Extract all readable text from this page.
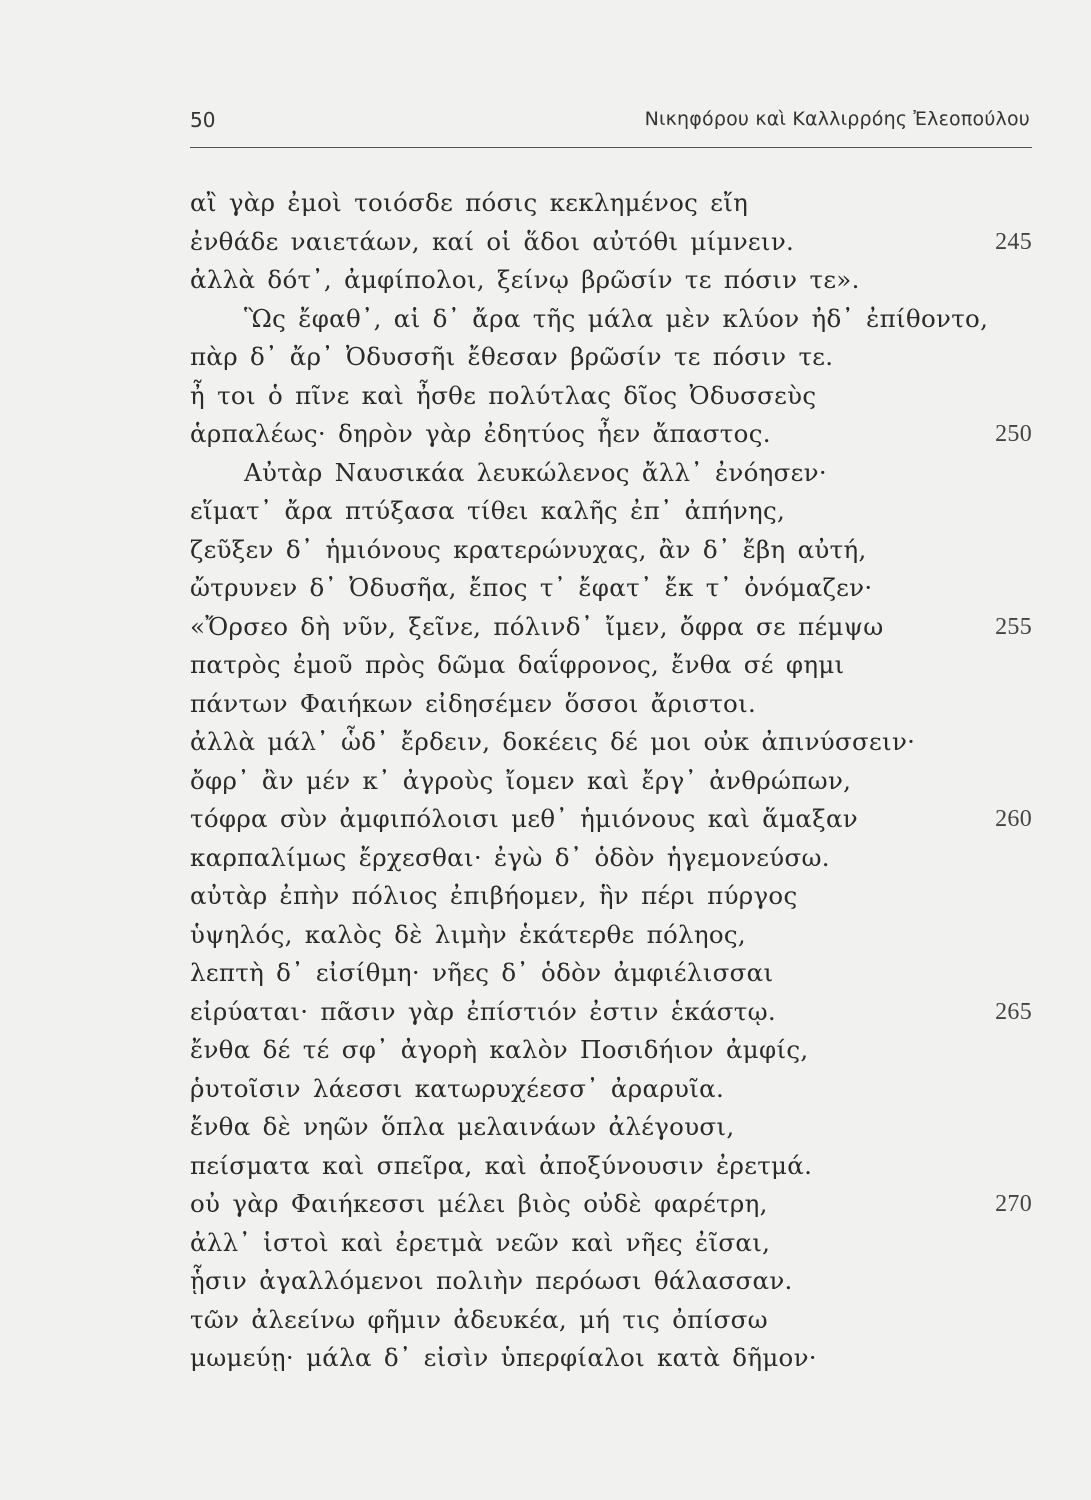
50	Νικηφόρου καὶ Καλλιρρόης Ἐλεοπούλου
αἲ γὰρ ἐμοὶ τοιόσδε πόσις κεκλημένος εἴη
ἐνθάδε ναιετάων, καί οἱ ἅδοι αὐτόθι μίμνειν.	245
ἀλλὰ δότ᾽, ἀμφίπολοι, ξείνῳ βρῶσίν τε πόσιν τε».
Ὣς ἔφαθ᾽, αἱ δ᾽ ἄρα τῆς μάλα μὲν κλύον ἠδ᾽ ἐπίθοντο,
πὰρ δ᾽ ἄρ᾽ Ὀδυσσῆι ἔθεσαν βρῶσίν τε πόσιν τε.
ἦ τοι ὁ πῖνε καὶ ἦσθε πολύτλας δῖος Ὀδυσσεὺς
ἁρπαλέως· δηρὸν γὰρ ἐδητύος ἦεν ἄπαστος.	250
Αὐτὰρ Ναυσικάα λευκώλενος ἄλλ᾽ ἐνόησεν·
εἵματ᾽ ἄρα πτύξασα τίθει καλῆς ἐπ᾽ ἀπήνης,
ζεῦξεν δ᾽ ἡμιόνους κρατερώνυχας, ἂν δ᾽ ἔβη αὐτή,
ὤτρυνεν δ᾽ Ὀδυσῆα, ἔπος τ᾽ ἔφατ᾽ ἔκ τ᾽ ὀνόμαζεν·
«Ὄρσεο δὴ νῦν, ξεῖνε, πόλινδ᾽ ἴμεν, ὄφρα σε πέμψω	255
πατρὸς ἐμοῦ πρὸς δῶμα δαΐφρονος, ἔνθα σέ φημι
πάντων Φαιήκων εἰδησέμεν ὅσσοι ἄριστοι.
ἀλλὰ μάλ᾽ ὧδ᾽ ἔρδειν, δοκέεις δέ μοι οὐκ ἀπινύσσειν·
ὄφρ᾽ ἂν μέν κ᾽ ἀγροὺς ἴομεν καὶ ἔργ᾽ ἀνθρώπων,
τόφρα σὺν ἀμφιπόλοισι μεθ᾽ ἡμιόνους καὶ ἅμαξαν	260
καρπαλίμως ἔρχεσθαι· ἐγὼ δ᾽ ὁδὸν ἡγεμονεύσω.
αὐτὰρ ἐπὴν πόλιος ἐπιβήομεν, ἣν πέρι πύργος
ὑψηλός, καλὸς δὲ λιμὴν ἑκάτερθε πόληος,
λεπτὴ δ᾽ εἰσίθμη· νῆες δ᾽ ὁδὸν ἀμφιέλισσαι
εἰρύαται· πᾶσιν γὰρ ἐπίστιόν ἐστιν ἑκάστῳ.	265
ἔνθα δέ τέ σφ᾽ ἀγορὴ καλὸν Ποσιδήιον ἀμφίς,
ῥυτοῖσιν λάεσσι κατωρυχέεσσ᾽ ἀραρυῖα.
ἔνθα δὲ νηῶν ὅπλα μελαινάων ἀλέγουσι,
πείσματα καὶ σπεῖρα, καὶ ἀποξύνουσιν ἐρετμά.
οὐ γὰρ Φαιήκεσσι μέλει βιὸς οὐδὲ φαρέτρη,	270
ἀλλ᾽ ἱστοὶ καὶ ἐρετμὰ νεῶν καὶ νῆες ἐῖσαι,
ᾗσιν ἀγαλλόμενοι πολιὴν περόωσι θάλασσαν.
τῶν ἀλεείνω φῆμιν ἀδευκέα, μή τις ὀπίσσω
μωμεύῃ· μάλα δ᾽ εἰσὶν ὑπερφίαλοι κατὰ δῆμον·
